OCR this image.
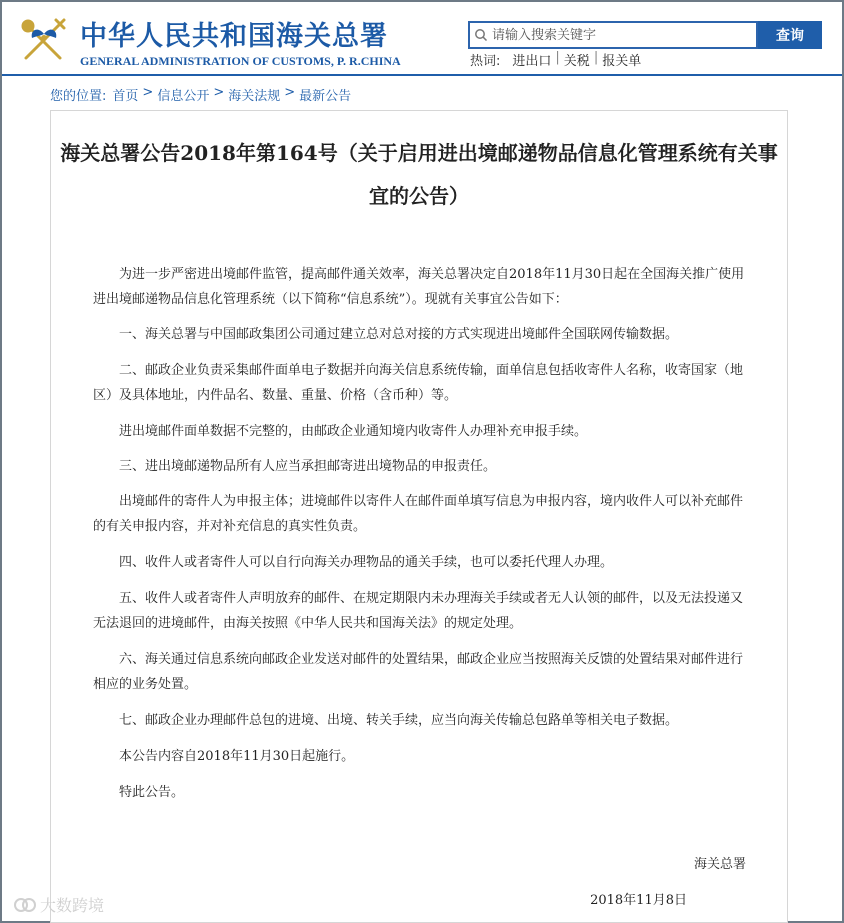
中华人民共和国海关总署
GENERAL ADMINISTRATION OF CUSTOMS, P. R.CHINA
请输入搜索关键字
查询
热词: 进出口 | 关税 | 报关单
您的位置: 首页 > 信息公开 > 海关法规 > 最新公告
海关总署公告2018年第164号（关于启用进出境邮递物品信息化管理系统有关事宜的公告）

为进一步严密进出境邮件监管，提高邮件通关效率，海关总署决定自2018年11月30日起在全国海关推广使用进出境邮递物品信息化管理系统（以下简称“信息系统”）。现就有关事宜公告如下：

一、海关总署与中国邮政集团公司通过建立总对总对接的方式实现进出境邮件全国联网传输数据。

二、邮政企业负责采集邮件面单电子数据并向海关信息系统传输，面单信息包括收寄件人名称，收寄国家（地区）及具体地址，内件品名、数量、重量、价格（含币种）等。

进出境邮件面单数据不完整的，由邮政企业通知境内收寄件人办理补充申报手续。

三、进出境邮递物品所有人应当承担邮寄进出境物品的申报责任。

出境邮件的寄件人为申报主体；进境邮件以寄件人在邮件面单填写信息为申报内容，境内收件人可以补充邮件的有关申报内容，并对补充信息的真实性负责。

四、收件人或者寄件人可以自行向海关办理物品的通关手续，也可以委托代理人办理。

五、收件人或者寄件人声明放弃的邮件、在规定期限内未办理海关手续或者无人认领的邮件，以及无法投递又无法退回的进境邮件，由海关按照《中华人民共和国海关法》的规定处理。

六、海关通过信息系统向邮政企业发送对邮件的处置结果，邮政企业应当按照海关反馈的处置结果对邮件进行相应的业务处置。

七、邮政企业办理邮件总包的进境、出境、转关手续，应当向海关传输总包路单等相关电子数据。

本公告内容自2018年11月30日起施行。

特此公告。

海关总署
2018年11月8日
大数跨境
